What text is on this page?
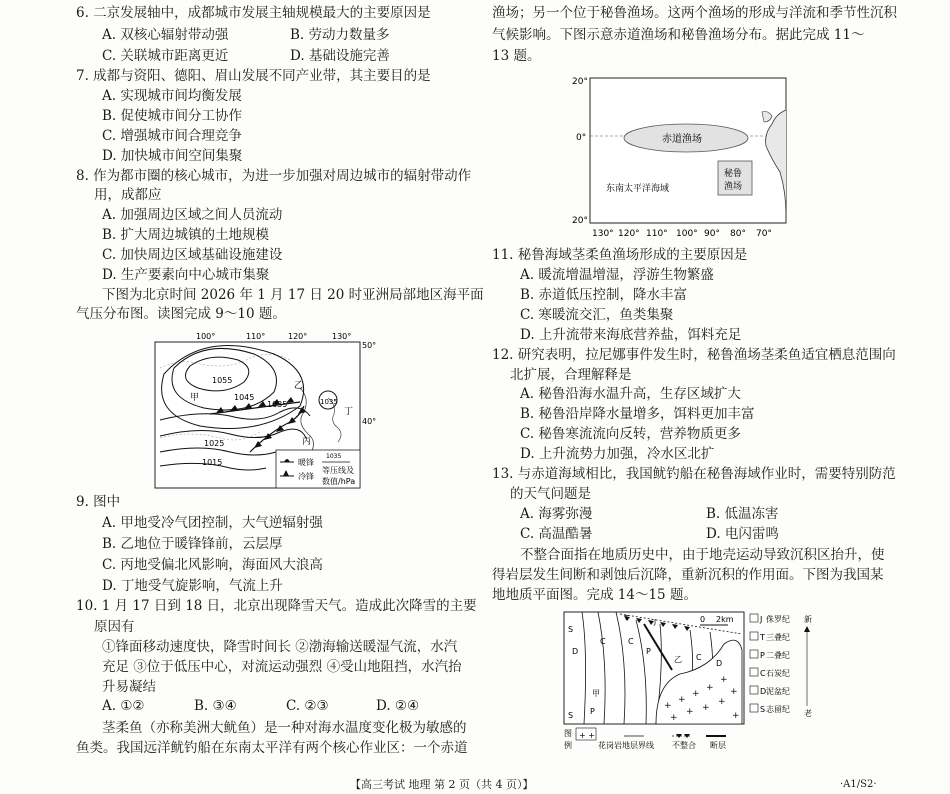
6. 二京发展轴中，成都城市发展主轴规模最大的主要原因是
A. 双核心辐射带动强	B. 劳动力数量多
C. 关联城市距离更近	D. 基础设施完善
7. 成都与资阳、德阳、眉山发展不同产业带，其主要目的是
A. 实现城市间均衡发展
B. 促使城市间分工协作
C. 增强城市间合理竞争
D. 加快城市间空间集聚
8. 作为都市圈的核心城市，为进一步加强对周边城市的辐射带动作
用，成都应
A. 加强周边区域之间人员流动
B. 扩大周边城镇的土地规模
C. 加快周边区域基础设施建设
D. 生产要素向中心城市集聚
下图为北京时间 2026 年 1 月 17 日 20 时亚洲局部地区海平面
气压分布图。读图完成 9～10 题。
9. 图中
A. 甲地受冷气团控制，大气逆辐射强
B. 乙地位于暖锋锋前，云层厚
C. 丙地受偏北风影响，海面风大浪高
D. 丁地受气旋影响，气流上升
10. 1 月 17 日到 18 日，北京出现降雪天气。造成此次降雪的主要
原因有
①锋面移动速度快，降雪时间长 ②渤海输送暖湿气流，水汽
充足 ③位于低压中心，对流运动强烈 ④受山地阻挡，水汽抬
升易凝结
A. ①②	B. ③④	C. ②③	D. ②④
茎柔鱼（亦称美洲大鱿鱼）是一种对海水温度变化极为敏感的
鱼类。我国远洋鱿钓船在东南太平洋有两个核心作业区：一个赤道
100°	110°	120°	130°
50°
40°
1055
1045
1035
1025
1015
1035
甲
乙
丙
丁
暖锋
冷锋
1035
等压线及
数值/hPa
渔场；另一个位于秘鲁渔场。这两个渔场的形成与洋流和季节性沉积
气候影响。下图示意赤道渔场和秘鲁渔场分布。据此完成 11～
13 题。
11. 秘鲁海域茎柔鱼渔场形成的主要原因是
A. 暖流增温增湿，浮游生物繁盛
B. 赤道低压控制，降水丰富
C. 寒暖流交汇，鱼类集聚
D. 上升流带来海底营养盐，饵料充足
12. 研究表明，拉尼娜事件发生时，秘鲁渔场茎柔鱼适宜栖息范围向
北扩展，合理解释是
A. 秘鲁沿海水温升高，生存区域扩大
B. 秘鲁沿岸降水量增多，饵料更加丰富
C. 秘鲁寒流流向反转，营养物质更多
D. 上升流势力加强，冷水区北扩
13. 与赤道海域相比，我国鱿钓船在秘鲁海域作业时，需要特别防范
的天气问题是
A. 海雾弥漫	B. 低温冻害
C. 高温酷暑	D. 电闪雷鸣
不整合面指在地质历史中，由于地壳运动导致沉积区抬升，使
得岩层发生间断和剥蚀后沉降，重新沉积的作用面。下图为我国某
地地质平面图。完成 14～15 题。
20°
0°
20°
赤道渔场
秘鲁
渔场
东南太平洋海域
130° 120° 110° 100° 90° 80° 70°
0 2km
+
+
+
+
+
+
+ +
+
+
+
S
D
C
T	J
C
P
乙 C
D
甲
P
S
J 侏罗纪
T 三叠纪
P 二叠纪
C 石炭纪
D 泥盆纪
S 志留纪
新
老
图
例
+ +
花岗岩 地层界线 不整合 断层
【高三考试 地理 第 2 页（共 4 页）】	·A1/S2·
